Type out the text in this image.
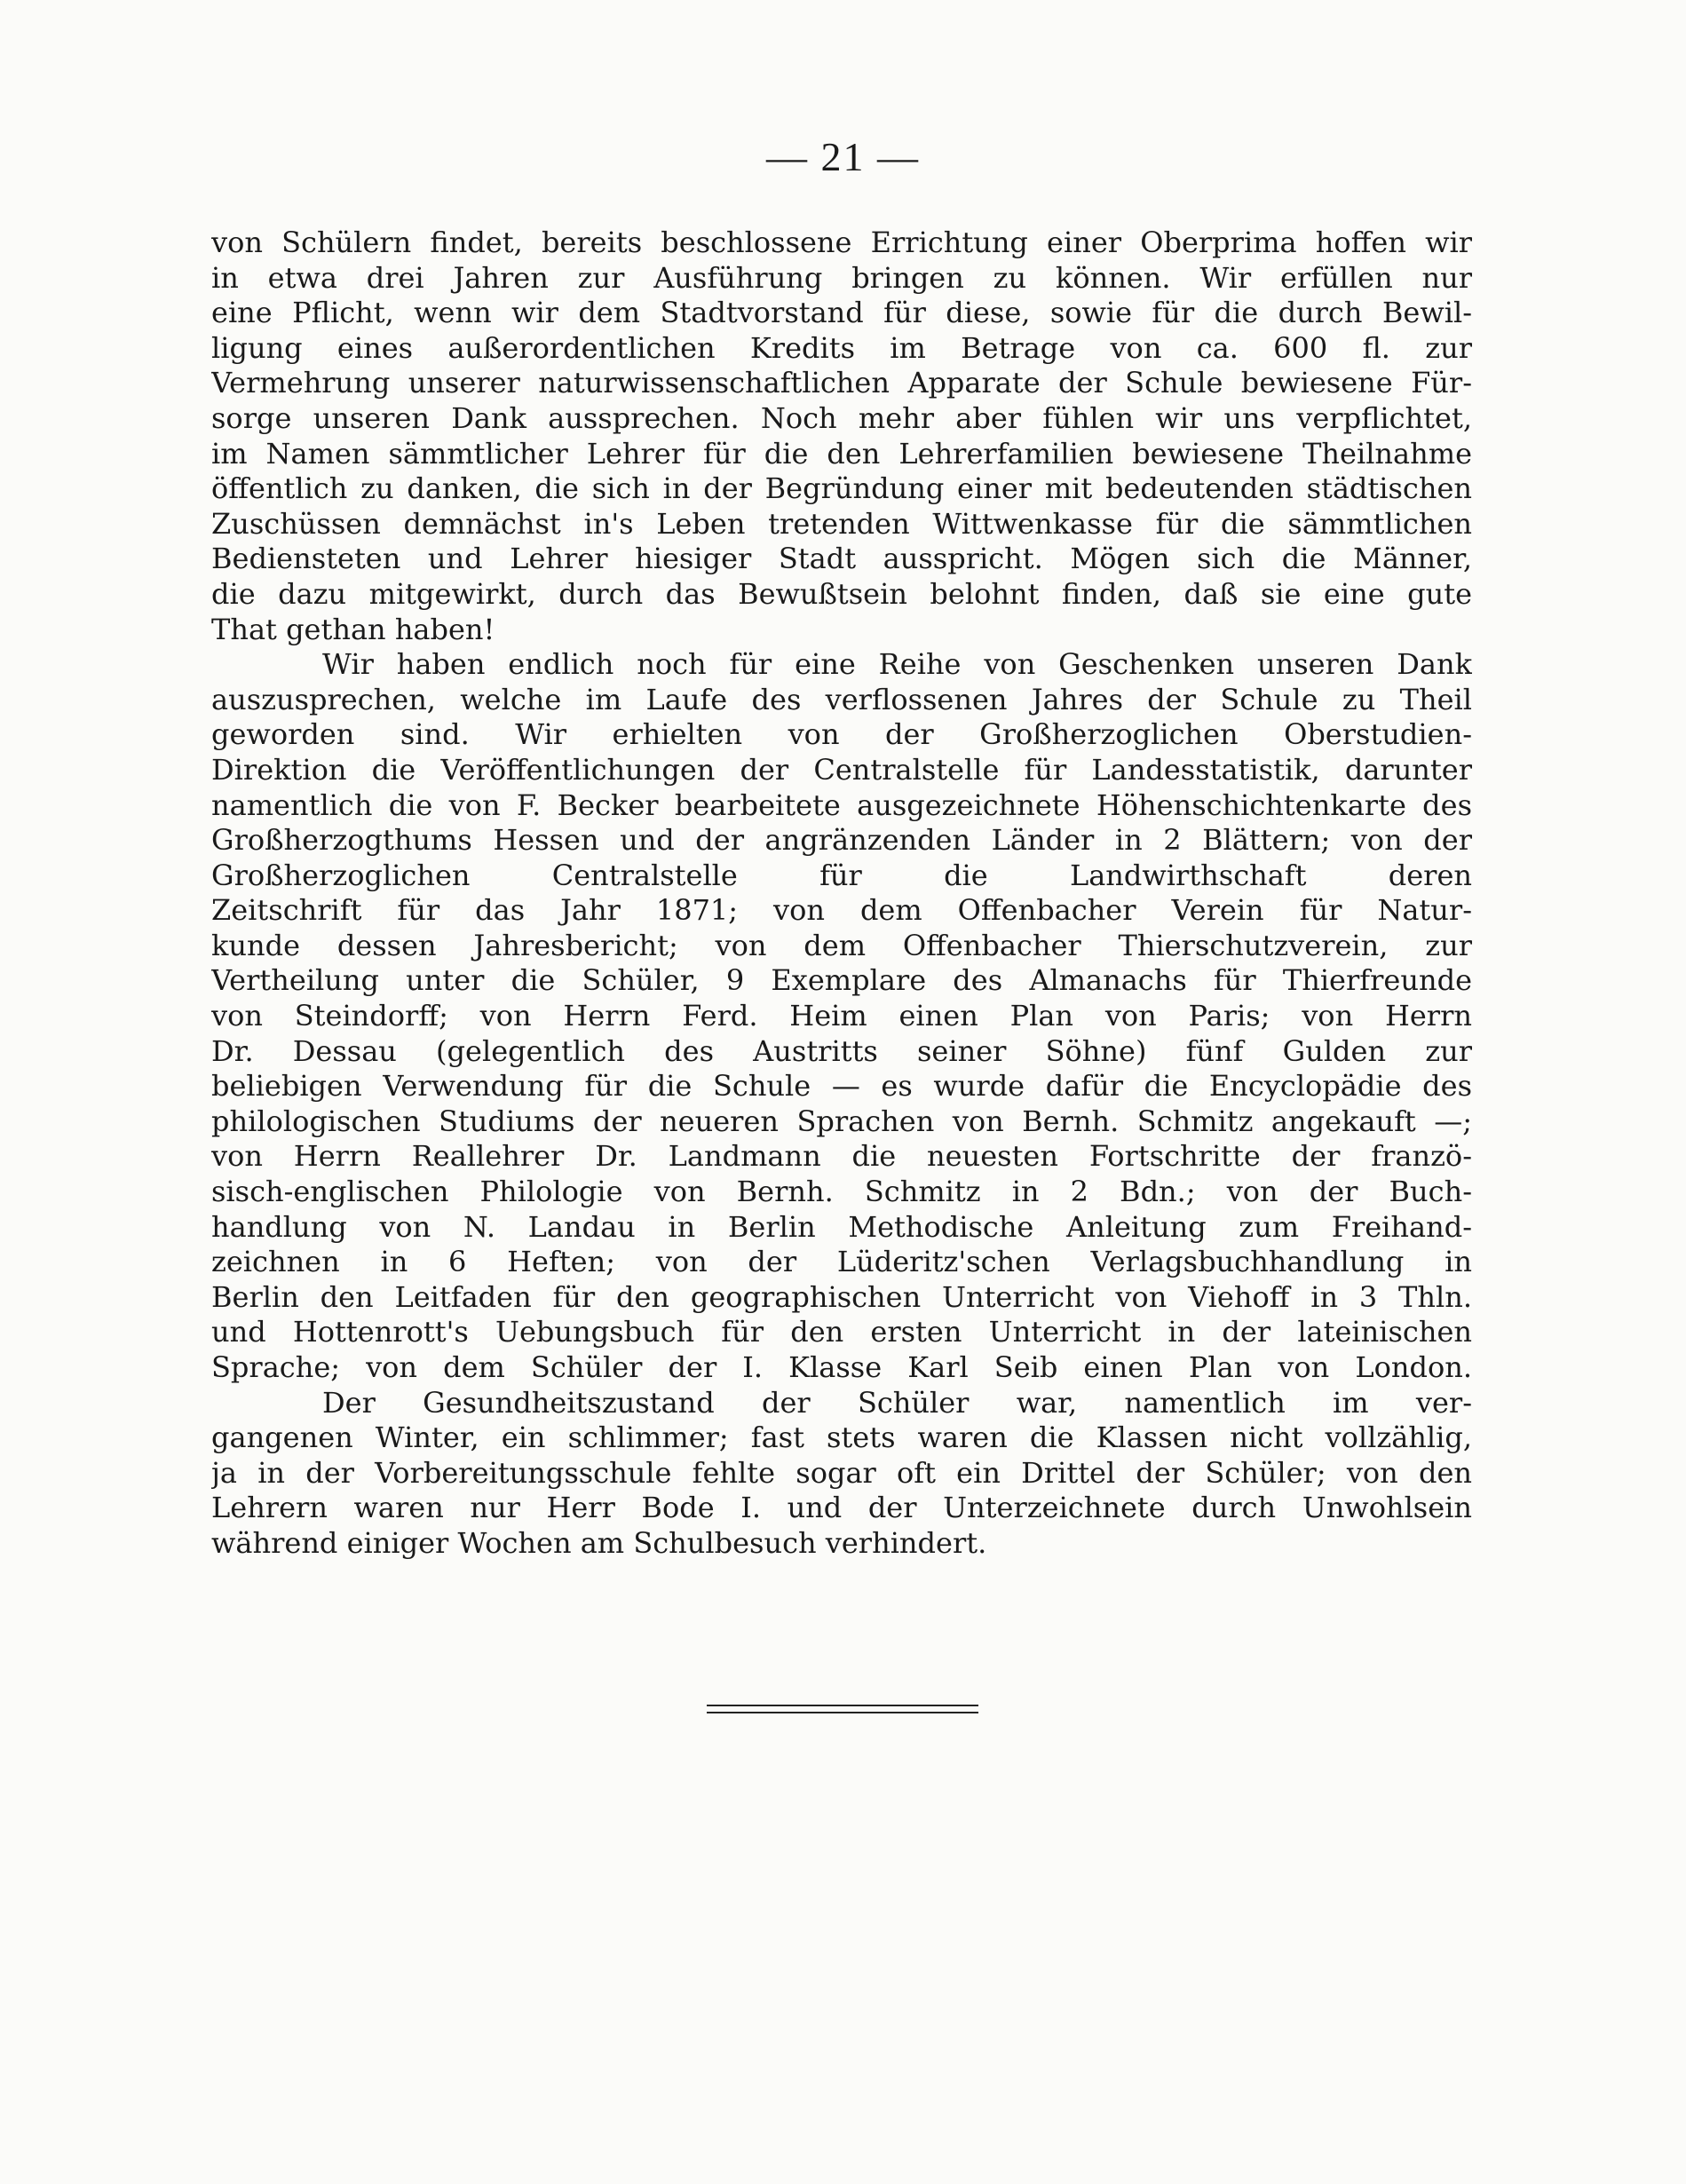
— 21 —
von Schülern findet, bereits beschlossene Errichtung einer Oberprima hoffen wir
in etwa drei Jahren zur Ausführung bringen zu können. Wir erfüllen nur
eine Pflicht, wenn wir dem Stadtvorstand für diese, sowie für die durch Bewil-
ligung eines außerordentlichen Kredits im Betrage von ca. 600 fl. zur
Vermehrung unserer naturwissenschaftlichen Apparate der Schule bewiesene Für-
sorge unseren Dank aussprechen. Noch mehr aber fühlen wir uns verpflichtet,
im Namen sämmtlicher Lehrer für die den Lehrerfamilien bewiesene Theilnahme
öffentlich zu danken, die sich in der Begründung einer mit bedeutenden städtischen
Zuschüssen demnächst in's Leben tretenden Wittwenkasse für die sämmtlichen
Bediensteten und Lehrer hiesiger Stadt ausspricht. Mögen sich die Männer,
die dazu mitgewirkt, durch das Bewußtsein belohnt finden, daß sie eine gute
That gethan haben!
Wir haben endlich noch für eine Reihe von Geschenken unseren Dank
auszusprechen, welche im Laufe des verflossenen Jahres der Schule zu Theil
geworden sind. Wir erhielten von der Großherzoglichen Oberstudien-
Direktion die Veröffentlichungen der Centralstelle für Landesstatistik, darunter
namentlich die von F. Becker bearbeitete ausgezeichnete Höhenschichtenkarte des
Großherzogthums Hessen und der angränzenden Länder in 2 Blättern; von der
Großherzoglichen Centralstelle für die Landwirthschaft deren
Zeitschrift für das Jahr 1871; von dem Offenbacher Verein für Natur-
kunde dessen Jahresbericht; von dem Offenbacher Thierschutzverein, zur
Vertheilung unter die Schüler, 9 Exemplare des Almanachs für Thierfreunde
von Steindorff; von Herrn Ferd. Heim einen Plan von Paris; von Herrn
Dr. Dessau (gelegentlich des Austritts seiner Söhne) fünf Gulden zur
beliebigen Verwendung für die Schule — es wurde dafür die Encyclopädie des
philologischen Studiums der neueren Sprachen von Bernh. Schmitz angekauft —;
von Herrn Reallehrer Dr. Landmann die neuesten Fortschritte der franzö-
sisch-englischen Philologie von Bernh. Schmitz in 2 Bdn.; von der Buch-
handlung von N. Landau in Berlin Methodische Anleitung zum Freihand-
zeichnen in 6 Heften; von der Lüderitz'schen Verlagsbuchhandlung in
Berlin den Leitfaden für den geographischen Unterricht von Viehoff in 3 Thln.
und Hottenrott's Uebungsbuch für den ersten Unterricht in der lateinischen
Sprache; von dem Schüler der I. Klasse Karl Seib einen Plan von London.
Der Gesundheitszustand der Schüler war, namentlich im ver-
gangenen Winter, ein schlimmer; fast stets waren die Klassen nicht vollzählig,
ja in der Vorbereitungsschule fehlte sogar oft ein Drittel der Schüler; von den
Lehrern waren nur Herr Bode I. und der Unterzeichnete durch Unwohlsein
während einiger Wochen am Schulbesuch verhindert.
